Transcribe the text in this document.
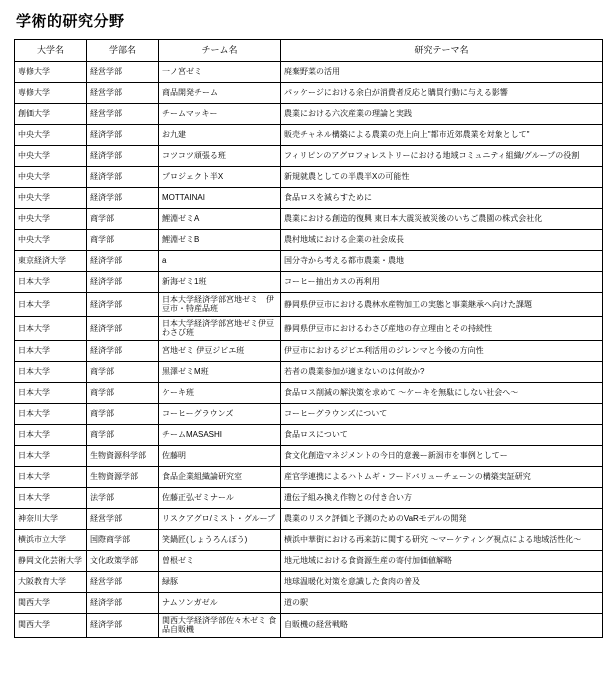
学術的研究分野
大学名	学部名	チーム名	研究テーマ名
専修大学	経営学部	一ノ宮ゼミ	廃棄野菜の活用
専修大学	経営学部	商品開発チーム	パッケージにおける余白が消費者反応と購買行動に与える影響
創価大学	経営学部	チームマッキー	農業における六次産業の理論と実践
中央大学	経済学部	お九建	販売チャネル構築による農業の売上向上"都市近郊農業を対象として"
中央大学	経済学部	コツコツ頑張る班	フィリピンのアグロフォレストリーにおける地域コミュニティ組織/グループの役割
中央大学	経済学部	プロジェクト半X	新規就農としての半農半Xの可能性
中央大学	経済学部	MOTTAINAI	食品ロスを減らすために
中央大学	商学部	鯉淵ゼミA	農業における創造的復興 東日本大震災被災後のいちご農園の株式会社化
中央大学	商学部	鯉淵ゼミB	農村地域における企業の社会成長
東京経済大学	経済学部	a	国分寺から考える都市農業・農地
日本大学	経済学部	新海ゼミ1班	コーヒー抽出カスの再利用
日本大学	経済学部	日本大学経済学部宮地ゼミ　伊豆市・特産品班	静岡県伊豆市における農林水産物加工の実態と事業継承へ向けた課題
日本大学	経済学部	日本大学経済学部宮地ゼミ伊豆わさび班	静岡県伊豆市におけるわさび産地の存立理由とその持続性
日本大学	経済学部	宮地ゼミ 伊豆ジビエ班	伊豆市におけるジビエ利活用のジレンマと今後の方向性
日本大学	商学部	黒澤ゼミM班	若者の農業参加が適まないのは何故か?
日本大学	商学部	ケーキ班	食品ロス削減の解決策を求めて ～ケーキを無駄にしない社会へ～
日本大学	商学部	コーヒーグラウンズ	コーヒーグラウンズについて
日本大学	商学部	チームMASASHI	食品ロスについて
日本大学	生物資源科学部	佐藤明	食文化創造マネジメントの今日的意義ー新潟市を事例としてー
日本大学	生物資源学部	食品企業組織論研究室	産官学連携によるハトムギ・フードバリューチェーンの構築実証研究
日本大学	法学部	佐藤正弘ゼミナール	遺伝子組み換え作物との付き合い方
神奈川大学	経営学部	リスクアグロ/ミスト・グループ	農業のリスク評価と予測のためのVaRモデルの開発
横浜市立大学	国際商学部	笑鍋匠(しょうろんぽう)	横浜中華街における再来訪に関する研究 ～マーケティング視点による地域活性化～
静岡文化芸術大学	文化政策学部	曽根ゼミ	地元地域における食資源生産の寄付加価値解略
大阪教育大学	経営学部	緑豚	地球温暖化対策を意識した食肉の普及
関西大学	経済学部	ナムソンガゼル	道の駅
関西大学	経済学部	関西大学経済学部佐々木ゼミ 食品自販機	自販機の経営戦略
